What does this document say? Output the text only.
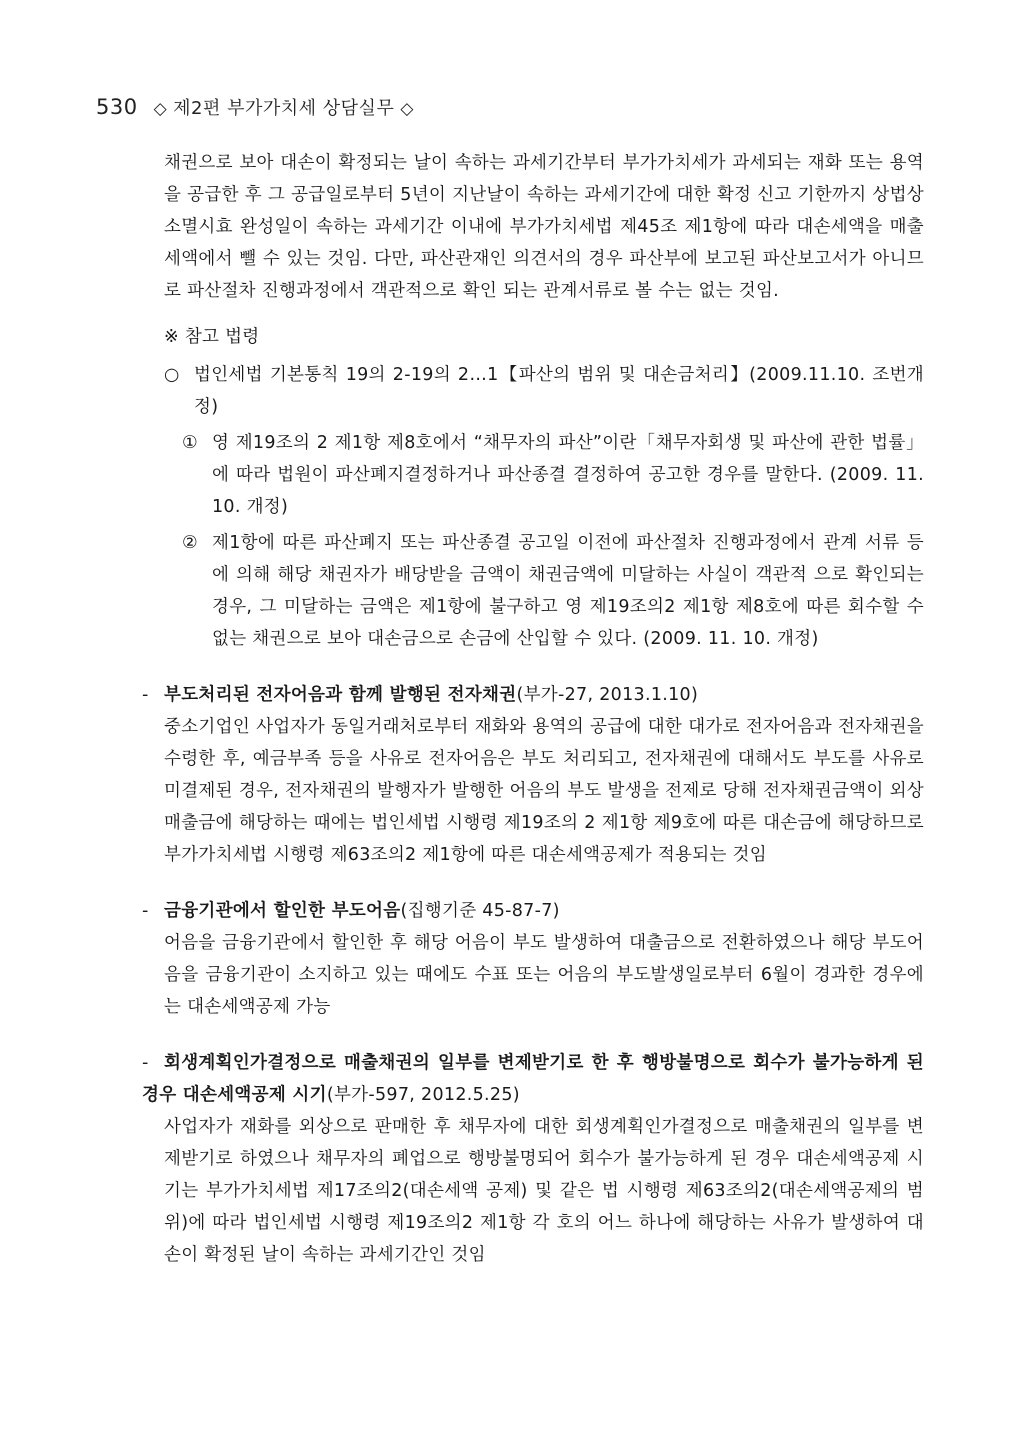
530 ◇ 제2편 부가가치세 상담실무 ◇

채권으로 보아 대손이 확정되는 날이 속하는 과세기간부터 부가가치세가 과세되는 재화 또는 용역을 공급한 후 그 공급일로부터 5년이 지난날이 속하는 과세기간에 대한 확정 신고 기한까지 상법상 소멸시효 완성일이 속하는 과세기간 이내에 부가가치세법 제45조 제1항에 따라 대손세액을 매출세액에서 뺄 수 있는 것임. 다만, 파산관재인 의견서의 경우 파산부에 보고된 파산보고서가 아니므로 파산절차 진행과정에서 객관적으로 확인 되는 관계서류로 볼 수는 없는 것임.

※ 참고 법령
○ 법인세법 기본통칙 19의 2-19의 2…1【파산의 범위 및 대손금처리】(2009.11.10. 조번개정)
① 영 제19조의 2 제1항 제8호에서 “채무자의 파산”이란「채무자회생 및 파산에 관한 법률」에 따라 법원이 파산폐지결정하거나 파산종결 결정하여 공고한 경우를 말한다. (2009. 11. 10. 개정)
② 제1항에 따른 파산폐지 또는 파산종결 공고일 이전에 파산절차 진행과정에서 관계 서류 등에 의해 해당 채권자가 배당받을 금액이 채권금액에 미달하는 사실이 객관적 으로 확인되는 경우, 그 미달하는 금액은 제1항에 불구하고 영 제19조의2 제1항 제8호에 따른 회수할 수 없는 채권으로 보아 대손금으로 손금에 산입할 수 있다. (2009. 11. 10. 개정)
- 부도처리된 전자어음과 함께 발행된 전자채권(부가-27, 2013.1.10)

중소기업인 사업자가 동일거래처로부터 재화와 용역의 공급에 대한 대가로 전자어음과 전자채권을 수령한 후, 예금부족 등을 사유로 전자어음은 부도 처리되고, 전자채권에 대해서도 부도를 사유로 미결제된 경우, 전자채권의 발행자가 발행한 어음의 부도 발생을 전제로 당해 전자채권금액이 외상매출금에 해당하는 때에는 법인세법 시행령 제19조의 2 제1항 제9호에 따른 대손금에 해당하므로 부가가치세법 시행령 제63조의2 제1항에 따른 대손세액공제가 적용되는 것임

- 금융기관에서 할인한 부도어음(집행기준 45-87-7)

어음을 금융기관에서 할인한 후 해당 어음이 부도 발생하여 대출금으로 전환하였으나 해당 부도어음을 금융기관이 소지하고 있는 때에도 수표 또는 어음의 부도발생일로부터 6월이 경과한 경우에는 대손세액공제 가능

- 회생계획인가결정으로 매출채권의 일부를 변제받기로 한 후 행방불명으로 회수가 불가능하게 된 경우 대손세액공제 시기(부가-597, 2012.5.25)

사업자가 재화를 외상으로 판매한 후 채무자에 대한 회생계획인가결정으로 매출채권의 일부를 변제받기로 하였으나 채무자의 폐업으로 행방불명되어 회수가 불가능하게 된 경우 대손세액공제 시기는 부가가치세법 제17조의2(대손세액 공제) 및 같은 법 시행령 제63조의2(대손세액공제의 범위)에 따라 법인세법 시행령 제19조의2 제1항 각 호의 어느 하나에 해당하는 사유가 발생하여 대손이 확정된 날이 속하는 과세기간인 것임
